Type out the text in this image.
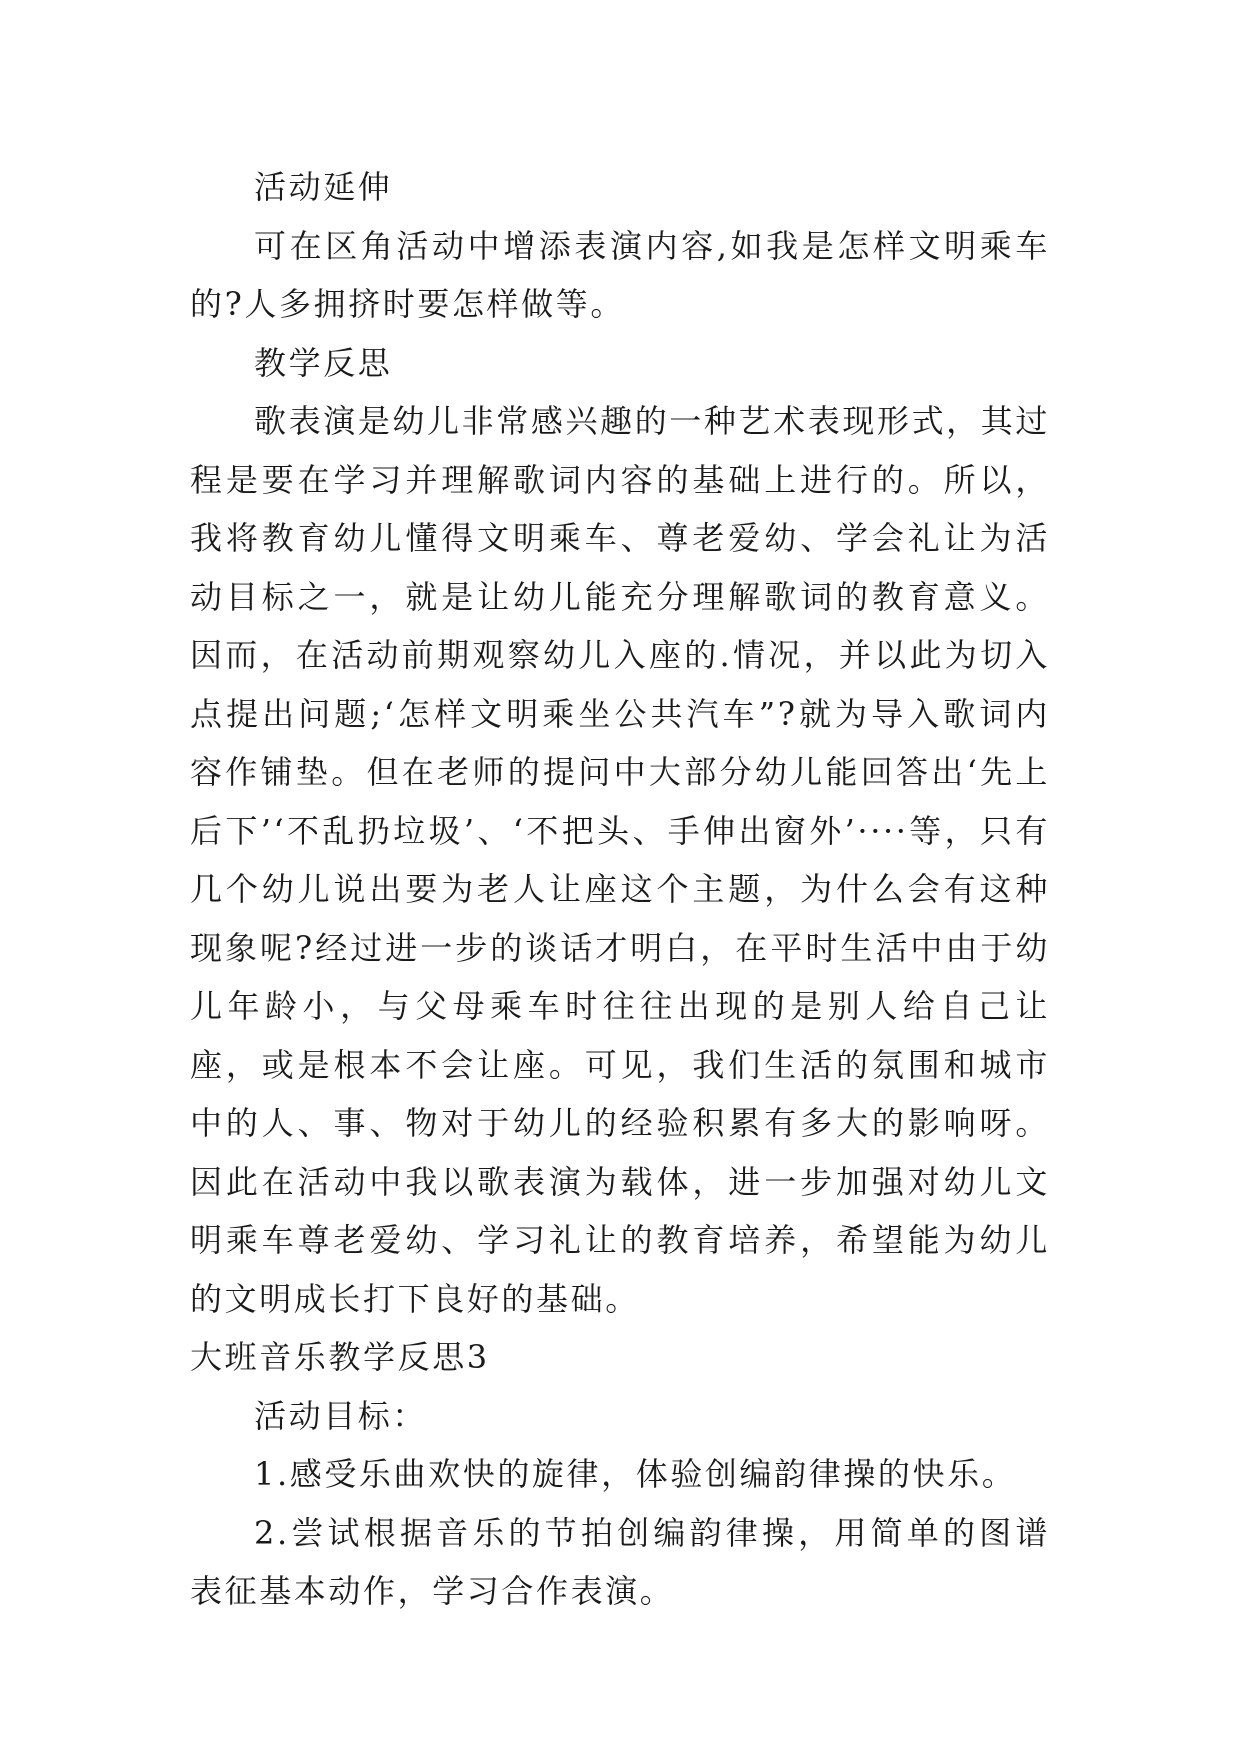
活动延伸

可在区角活动中增添表演内容,如我是怎样文明乘车的?人多拥挤时要怎样做等。

教学反思

歌表演是幼儿非常感兴趣的一种艺术表现形式，其过程是要在学习并理解歌词内容的基础上进行的。所以，我将教育幼儿懂得文明乘车、尊老爱幼、学会礼让为活动目标之一，就是让幼儿能充分理解歌词的教育意义。因而，在活动前期观察幼儿入座的.情况，并以此为切入点提出问题;‘怎样文明乘坐公共汽车”?就为导入歌词内容作铺垫。但在老师的提问中大部分幼儿能回答出‘先上后下’‘不乱扔垃圾’、‘不把头、手伸出窗外’····等，只有几个幼儿说出要为老人让座这个主题，为什么会有这种现象呢?经过进一步的谈话才明白，在平时生活中由于幼儿年龄小，与父母乘车时往往出现的是别人给自己让座，或是根本不会让座。可见，我们生活的氛围和城市中的人、事、物对于幼儿的经验积累有多大的影响呀。因此在活动中我以歌表演为载体，进一步加强对幼儿文明乘车尊老爱幼、学习礼让的教育培养，希望能为幼儿的文明成长打下良好的基础。

大班音乐教学反思3

活动目标：

1.感受乐曲欢快的旋律，体验创编韵律操的快乐。

2.尝试根据音乐的节拍创编韵律操，用简单的图谱表征基本动作，学习合作表演。
